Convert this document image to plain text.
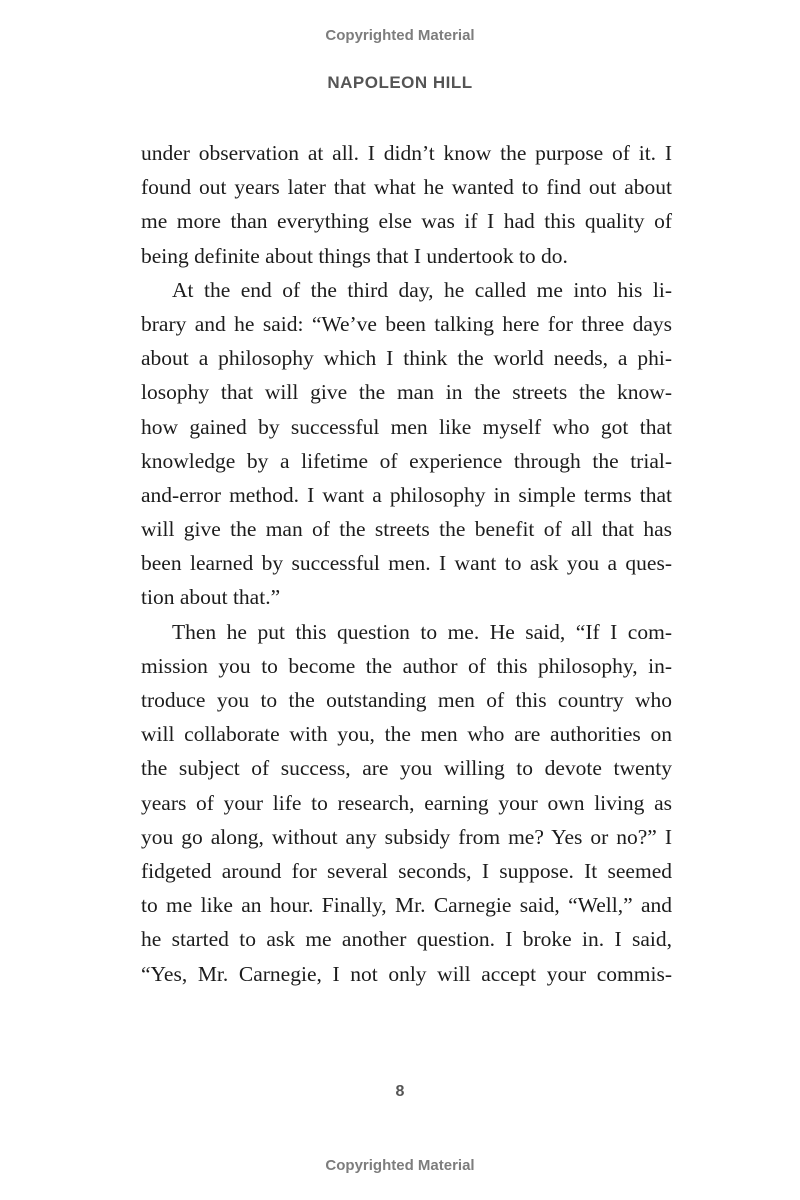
Copyrighted Material
NAPOLEON HILL
under observation at all. I didn’t know the purpose of it. I
found out years later that what he wanted to find out about
me more than everything else was if I had this quality of
being definite about things that I undertook to do.
At the end of the third day, he called me into his li-
brary and he said: “We’ve been talking here for three days
about a philosophy which I think the world needs, a phi-
losophy that will give the man in the streets the know-
how gained by successful men like myself who got that
knowledge by a lifetime of experience through the trial-
and-error method. I want a philosophy in simple terms that
will give the man of the streets the benefit of all that has
been learned by successful men. I want to ask you a ques-
tion about that.”
Then he put this question to me. He said, “If I com-
mission you to become the author of this philosophy, in-
troduce you to the outstanding men of this country who
will collaborate with you, the men who are authorities on
the subject of success, are you willing to devote twenty
years of your life to research, earning your own living as
you go along, without any subsidy from me? Yes or no?” I
fidgeted around for several seconds, I suppose. It seemed
to me like an hour. Finally, Mr. Carnegie said, “Well,” and
he started to ask me another question. I broke in. I said,
“Yes, Mr. Carnegie, I not only will accept your commis-
8
Copyrighted Material
